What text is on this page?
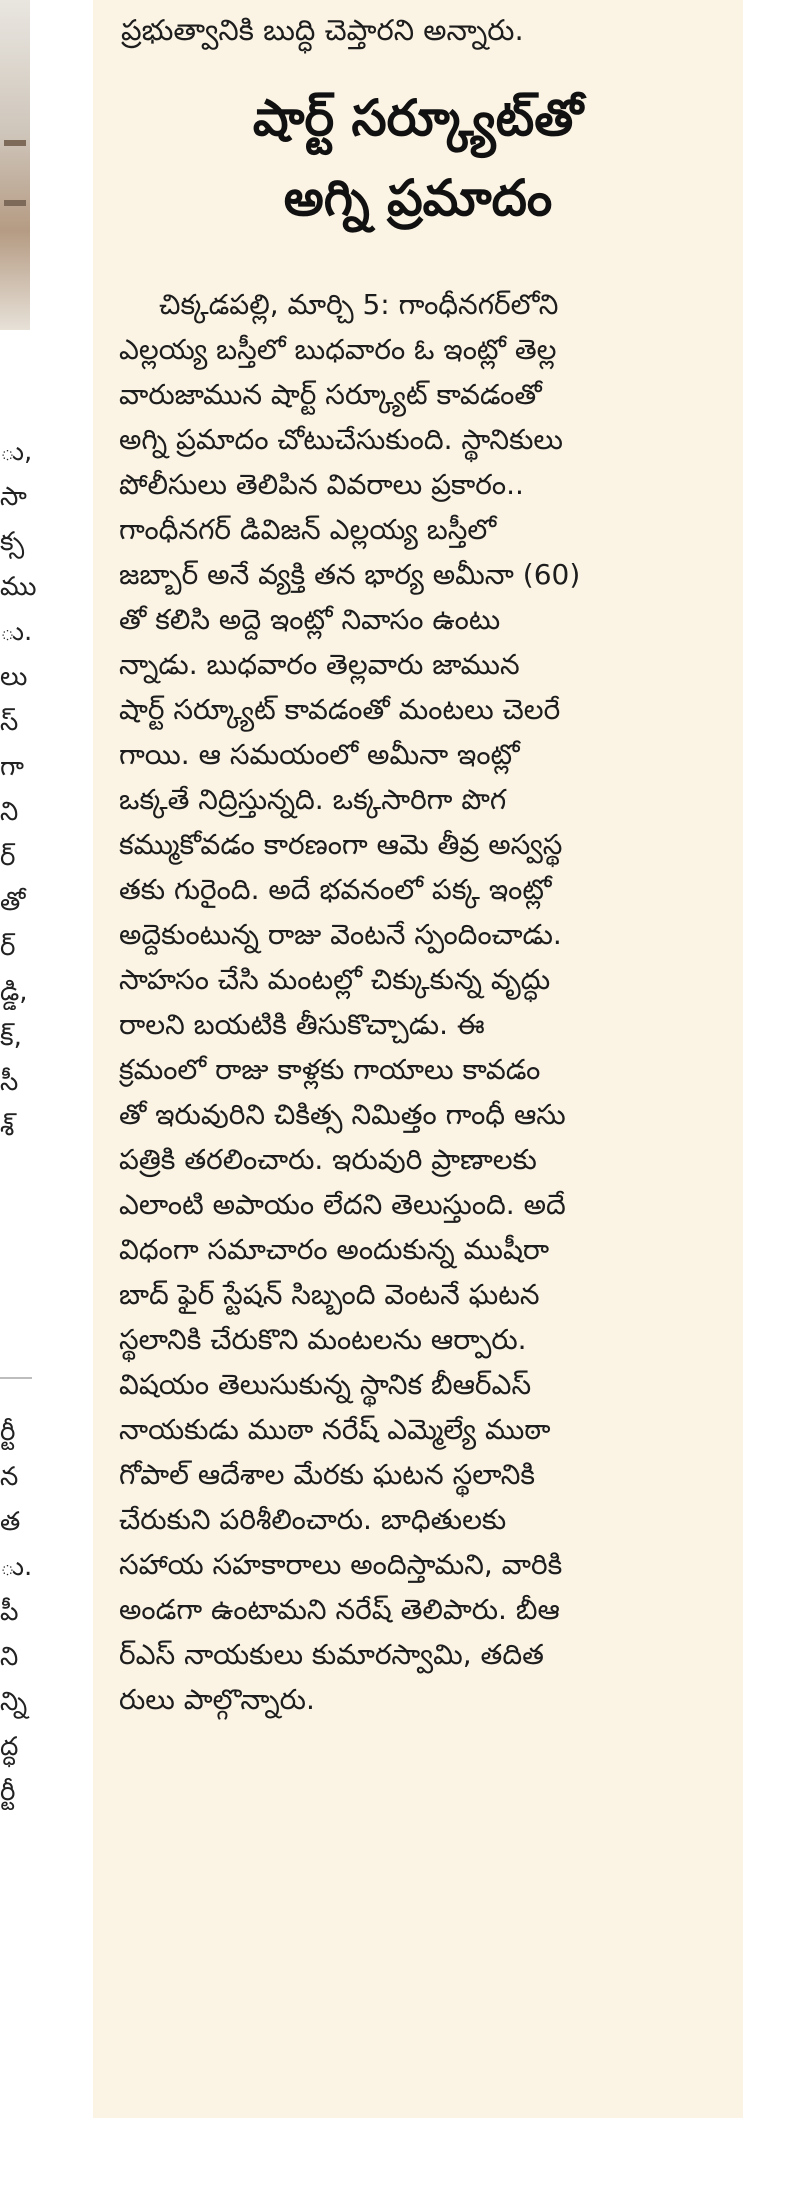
ు,
సా
క్స
ము
ు.
లు
స్
గా
ని
ర్
తో
ర్
డ్డి,
క్,
సీ
శ్
ర్టీ
న
త
ు.
పీ
ని
న్ని
ద్ధ
ర్టీ
ప్రభుత్వానికి బుద్ధి చెప్తారని అన్నారు.
షార్ట్ సర్క్యూట్‌తో
అగ్ని ప్రమాదం
చిక్కడపల్లి, మార్చి 5: గాంధీనగర్‌లోని
ఎల్లయ్య బస్తీలో బుధవారం ఓ ఇంట్లో తెల్ల
వారుజామున షార్ట్ సర్క్యూట్ కావడంతో
అగ్ని ప్రమాదం చోటుచేసుకుంది. స్థానికులు
పోలీసులు తెలిపిన వివరాలు ప్రకారం..
గాంధీనగర్ డివిజన్ ఎల్లయ్య బస్తీలో
జబ్బార్ అనే వ్యక్తి తన భార్య అమీనా (60)
తో కలిసి అద్దె ఇంట్లో నివాసం ఉంటు
న్నాడు. బుధవారం తెల్లవారు జామున
షార్ట్ సర్క్యూట్ కావడంతో మంటలు చెలరే
గాయి. ఆ సమయంలో అమీనా ఇంట్లో
ఒక్కతే నిద్రిస్తున్నది. ఒక్కసారిగా పొగ
కమ్ముకోవడం కారణంగా ఆమె తీవ్ర అస్వస్థ
తకు గురైంది. అదే భవనంలో పక్క ఇంట్లో
అద్దెకుంటున్న రాజు వెంటనే స్పందించాడు.
సాహసం చేసి మంటల్లో చిక్కుకున్న వృద్ధు
రాలని బయటికి తీసుకొచ్చాడు. ఈ
క్రమంలో రాజు కాళ్లకు గాయాలు కావడం
తో ఇరువురిని చికిత్స నిమిత్తం గాంధీ ఆసు
పత్రికి తరలించారు. ఇరువురి ప్రాణాలకు
ఎలాంటి అపాయం లేదని తెలుస్తుంది. అదే
విధంగా సమాచారం అందుకున్న ముషీరా
బాద్ ఫైర్ స్టేషన్ సిబ్బంది వెంటనే ఘటన
స్థలానికి చేరుకొని మంటలను ఆర్పారు.
విషయం తెలుసుకున్న స్థానిక బీఆర్ఎస్
నాయకుడు ముఠా నరేష్ ఎమ్మెల్యే ముఠా
గోపాల్ ఆదేశాల మేరకు ఘటన స్థలానికి
చేరుకుని పరిశీలించారు. బాధితులకు
సహాయ సహకారాలు అందిస్తామని, వారికి
అండగా ఉంటామని నరేష్ తెలిపారు. బీఆ
ర్ఎస్ నాయకులు కుమారస్వామి, తదిత
రులు పాల్గొన్నారు.
